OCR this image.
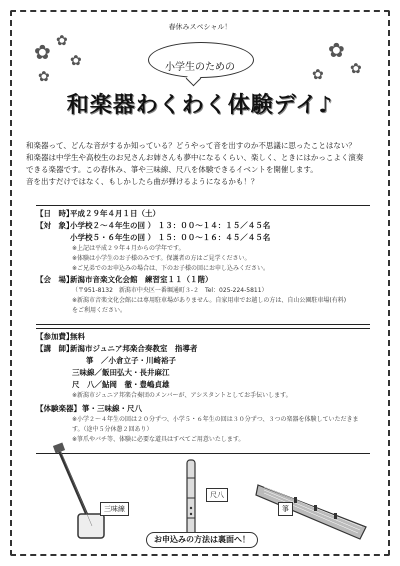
✿ ✿
✿
✿
✿
✿
✿
春休みスペシャル！
小学生のための
和楽器わくわく体験デイ♪
和楽器って、どんな音がするか知っている？どうやって音を出すのか不思議に思ったことはない？
和楽器は中学生や高校生のお兄さんお姉さんも夢中になるくらい、楽しく、ときにはかっこよく演奏
できる楽器です。この春休み、箏や三味線、尺八を体験できるイベントを開催します。
音を出すだけではなく、もしかしたら曲が弾けるようになるかも！？
【日　時】
平成２９年４月１日（土）
【対　象】
小学校２～４年生の回 ） １３：００～１４：１５／４５名
小学校５・６年生の回 ） １５：００～１６：４５／４５名
※上記は平成２９年４月からの学年です。
※体験は小学生のお子様のみです。保護者の方はご見学ください。
※ご兄弟でのお申込みの場合は、下のお子様の回にお申し込みください。
【会　場】
新潟市音楽文化会館　練習室１１（１階）
（〒951-8132　新潟市中央区一番堀通町３-２　Tel：025-224-5811）
※新潟市音楽文化会館には専用駐車場がありません。自家用車でお越しの方は、自山公園駐車場(有料)
をご利用ください。
【参加費】
無料
【講　師】
新潟市ジュニア邦楽合奏教室　指導者
箏　／小倉立子・川崎裕子
三味線／飯田弘大・長井麻江
尺　八／鮎岡　徹・豊嶋貞雄
※新潟市ジュニア邦楽合奏団のメンバーが、アシスタントとしてお手伝いします。
【体験楽器】 箏・三味線・尺八
※小学２～４年生の回は２０分ずつ、小学５・６年生の回は３０分ずつ、３つの楽器を体験していただきま
す。（途中５分休憩２回あり）
※箏爪やバチ等、体験に必要な道具はすべてご用意いたします。
三味線
尺八
箏
お申込みの方法は裏面へ！
